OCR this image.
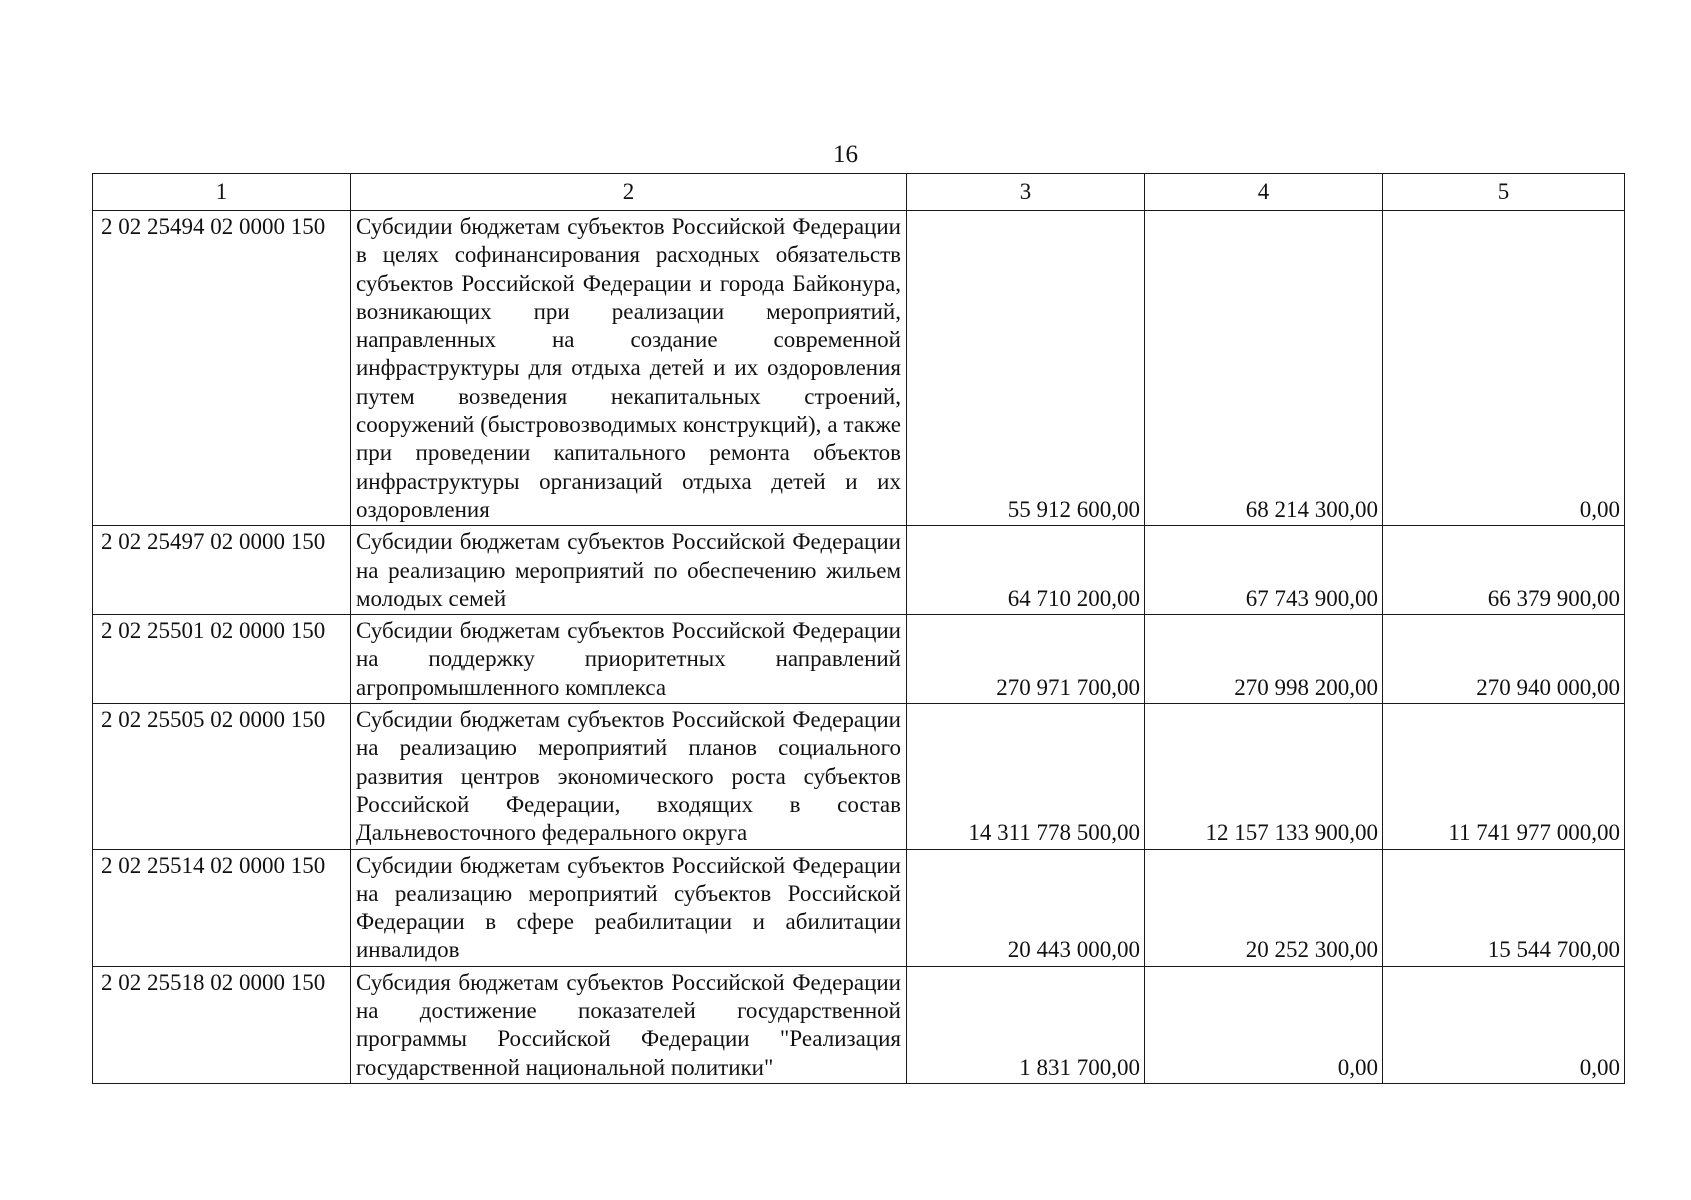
16
1	2	3	4	5
2 02 25494 02 0000 150	Субсидии бюджетам субъектов Российской Федерации в целях софинансирования расходных обязательств субъектов Российской Федерации и города Байконура, возникающих при реализации мероприятий, направленных на создание современной инфраструктуры для отдыха детей и их оздоровления путем возведения некапитальных строений, сооружений (быстровозводимых конструкций), а также при проведении капитального ремонта объектов инфраструктуры организаций отдыха детей и их оздоровления	55 912 600,00	68 214 300,00	0,00
2 02 25497 02 0000 150	Субсидии бюджетам субъектов Российской Федерации на реализацию мероприятий по обеспечению жильем молодых семей	64 710 200,00	67 743 900,00	66 379 900,00
2 02 25501 02 0000 150	Субсидии бюджетам субъектов Российской Федерации на поддержку приоритетных направлений агропромышленного комплекса	270 971 700,00	270 998 200,00	270 940 000,00
2 02 25505 02 0000 150	Субсидии бюджетам субъектов Российской Федерации на реализацию мероприятий планов социального развития центров экономического роста субъектов Российской Федерации, входящих в состав Дальневосточного федерального округа	14 311 778 500,00	12 157 133 900,00	11 741 977 000,00
2 02 25514 02 0000 150	Субсидии бюджетам субъектов Российской Федерации на реализацию мероприятий субъектов Российской Федерации в сфере реабилитации и абилитации инвалидов	20 443 000,00	20 252 300,00	15 544 700,00
2 02 25518 02 0000 150	Субсидия бюджетам субъектов Российской Федерации на достижение показателей государственной программы Российской Федерации "Реализация государственной национальной политики"	1 831 700,00	0,00	0,00
